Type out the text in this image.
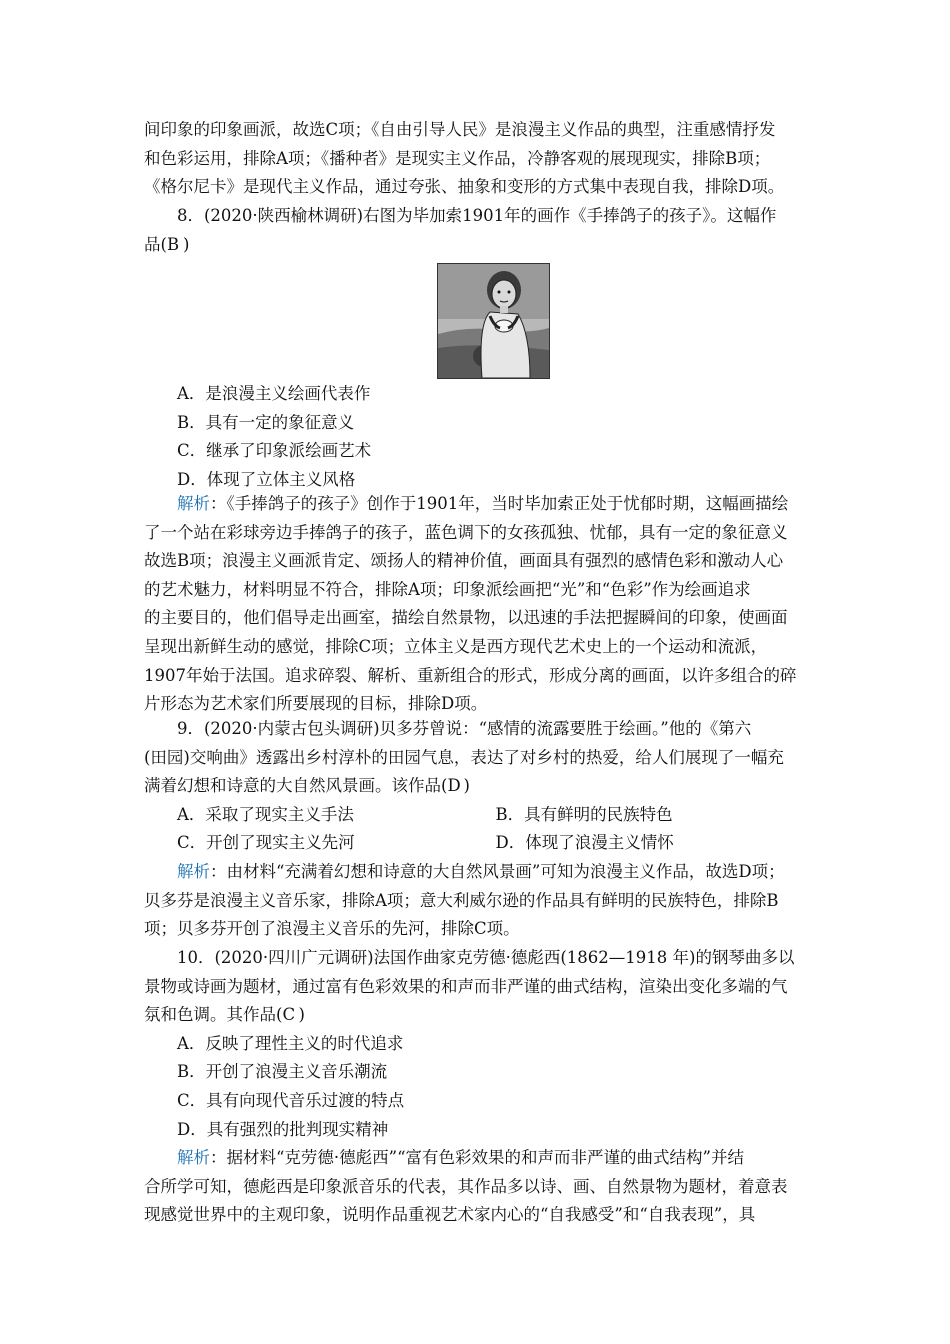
间印象的印象画派，故选C项；《自由引导人民》是浪漫主义作品的典型，注重感情抒发

和色彩运用，排除A项；《播种者》是现实主义作品，冷静客观的展现现实，排除B项；

《格尔尼卡》是现代主义作品，通过夸张、抽象和变形的方式集中表现自我，排除D项。

8．(2020·陕西榆林调研)右图为毕加索1901年的画作《手捧鸽子的孩子》。这幅作

品(B )

A．是浪漫主义绘画代表作

B．具有一定的象征意义

C．继承了印象派绘画艺术

D．体现了立体主义风格

解析：《手捧鸽子的孩子》创作于1901年，当时毕加索正处于忧郁时期，这幅画描绘

了一个站在彩球旁边手捧鸽子的孩子，蓝色调下的女孩孤独、忧郁，具有一定的象征意义

故选B项；浪漫主义画派肯定、颂扬人的精神价值，画面具有强烈的感情色彩和激动人心

的艺术魅力，材料明显不符合，排除A项；印象派绘画把“光”和“色彩”作为绘画追求

的主要目的，他们倡导走出画室，描绘自然景物，以迅速的手法把握瞬间的印象，使画面

呈现出新鲜生动的感觉，排除C项；立体主义是西方现代艺术史上的一个运动和流派，

1907年始于法国。追求碎裂、解析、重新组合的形式，形成分离的画面，以许多组合的碎

片形态为艺术家们所要展现的目标，排除D项。

9．(2020·内蒙古包头调研)贝多芬曾说：“感情的流露要胜于绘画。”他的《第六

(田园)交响曲》透露出乡村淳朴的田园气息，表达了对乡村的热爱，给人们展现了一幅充

满着幻想和诗意的大自然风景画。该作品(D )

A．采取了现实主义手法	B．具有鲜明的民族特色
C．开创了现实主义先河	D．体现了浪漫主义情怀

解析：由材料“充满着幻想和诗意的大自然风景画”可知为浪漫主义作品，故选D项；

贝多芬是浪漫主义音乐家，排除A项；意大利威尔逊的作品具有鲜明的民族特色，排除B

项；贝多芬开创了浪漫主义音乐的先河，排除C项。

10．(2020·四川广元调研)法国作曲家克劳德·德彪西(1862—1918 年)的钢琴曲多以

景物或诗画为题材，通过富有色彩效果的和声而非严谨的曲式结构，渲染出变化多端的气

氛和色调。其作品(C )

A．反映了理性主义的时代追求

B．开创了浪漫主义音乐潮流

C．具有向现代音乐过渡的特点

D．具有强烈的批判现实精神

解析：据材料“克劳德·德彪西”“富有色彩效果的和声而非严谨的曲式结构”并结

合所学可知，德彪西是印象派音乐的代表，其作品多以诗、画、自然景物为题材，着意表

现感觉世界中的主观印象，说明作品重视艺术家内心的“自我感受”和“自我表现”，具
